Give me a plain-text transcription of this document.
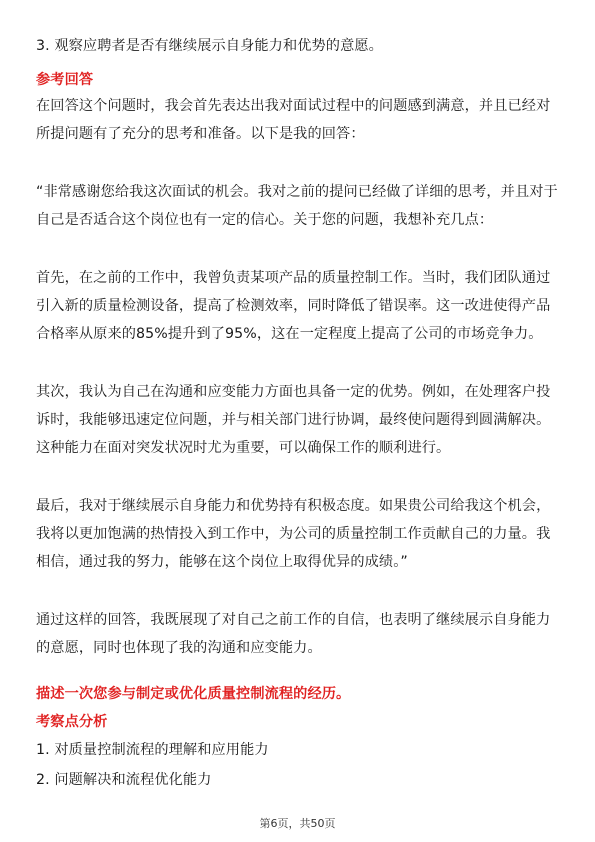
3. 观察应聘者是否有继续展示自身能力和优势的意愿。
参考回答
在回答这个问题时，我会首先表达出我对面试过程中的问题感到满意，并且已经对
所提问题有了充分的思考和准备。以下是我的回答：
“非常感谢您给我这次面试的机会。我对之前的提问已经做了详细的思考，并且对于
自己是否适合这个岗位也有一定的信心。关于您的问题，我想补充几点：
首先，在之前的工作中，我曾负责某项产品的质量控制工作。当时，我们团队通过
引入新的质量检测设备，提高了检测效率，同时降低了错误率。这一改进使得产品
合格率从原来的85%提升到了95%，这在一定程度上提高了公司的市场竞争力。
其次，我认为自己在沟通和应变能力方面也具备一定的优势。例如，在处理客户投
诉时，我能够迅速定位问题，并与相关部门进行协调，最终使问题得到圆满解决。
这种能力在面对突发状况时尤为重要，可以确保工作的顺利进行。
最后，我对于继续展示自身能力和优势持有积极态度。如果贵公司给我这个机会，
我将以更加饱满的热情投入到工作中，为公司的质量控制工作贡献自己的力量。我
相信，通过我的努力，能够在这个岗位上取得优异的成绩。”
通过这样的回答，我既展现了对自己之前工作的自信，也表明了继续展示自身能力
的意愿，同时也体现了我的沟通和应变能力。
描述一次您参与制定或优化质量控制流程的经历。
考察点分析
1. 对质量控制流程的理解和应用能力
2. 问题解决和流程优化能力
第6页，共50页
